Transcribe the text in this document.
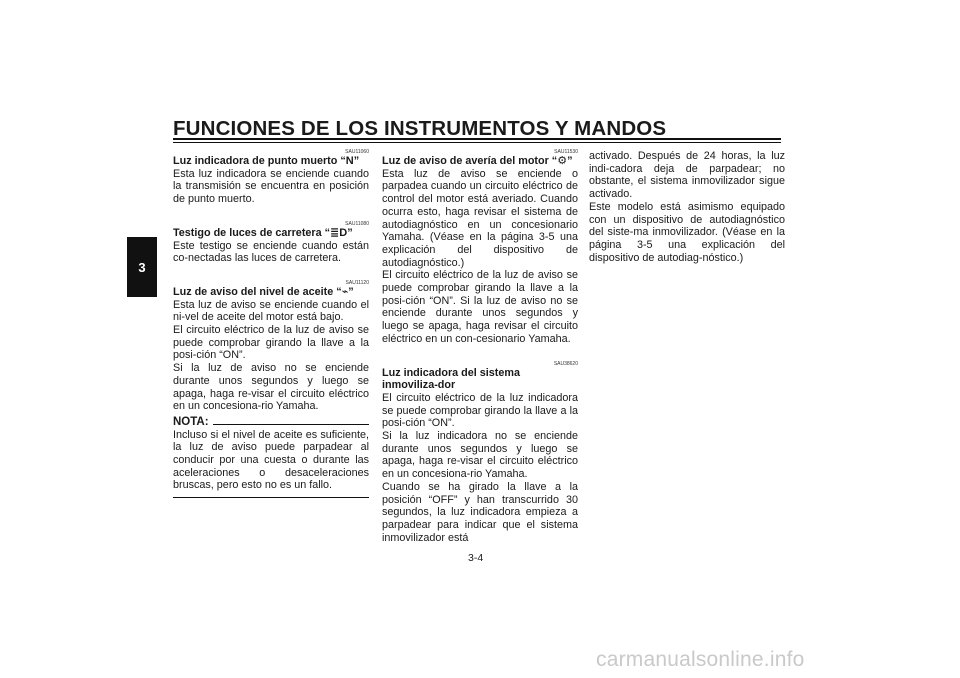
FUNCIONES DE LOS INSTRUMENTOS Y MANDOS
3
SAU11060
Luz indicadora de punto muerto “N”

Esta luz indicadora se enciende cuando la transmisión se encuentra en posición de punto muerto.

SAU11080
Testigo de luces de carretera “≣D”

Este testigo se enciende cuando están co-nectadas las luces de carretera.

SAU11120
Luz de aviso del nivel de aceite “⌁”

Esta luz de aviso se enciende cuando el ni-vel de aceite del motor está bajo.

El circuito eléctrico de la luz de aviso se puede comprobar girando la llave a la posi-ción “ON”.

Si la luz de aviso no se enciende durante unos segundos y luego se apaga, haga re-visar el circuito eléctrico en un concesiona-rio Yamaha.

NOTA:

Incluso si el nivel de aceite es suficiente, la luz de aviso puede parpadear al conducir por una cuesta o durante las aceleraciones o desaceleraciones bruscas, pero esto no es un fallo.

SAU11530
Luz de aviso de avería del motor “⚙”

Esta luz de aviso se enciende o parpadea cuando un circuito eléctrico de control del motor está averiado. Cuando ocurra esto, haga revisar el sistema de autodiagnóstico en un concesionario Yamaha. (Véase en la página 3-5 una explicación del dispositivo de autodiagnóstico.)

El circuito eléctrico de la luz de aviso se puede comprobar girando la llave a la posi-ción “ON”. Si la luz de aviso no se enciende durante unos segundos y luego se apaga, haga revisar el circuito eléctrico en un con-cesionario Yamaha.

SAU38620
Luz indicadora del sistema inmoviliza-dor

El circuito eléctrico de la luz indicadora se puede comprobar girando la llave a la posi-ción “ON”.

Si la luz indicadora no se enciende durante unos segundos y luego se apaga, haga re-visar el circuito eléctrico en un concesiona-rio Yamaha.

Cuando se ha girado la llave a la posición “OFF” y han transcurrido 30 segundos, la luz indicadora empieza a parpadear para indicar que el sistema inmovilizador está

activado. Después de 24 horas, la luz indi-cadora deja de parpadear; no obstante, el sistema inmovilizador sigue activado.

Este modelo está asimismo equipado con un dispositivo de autodiagnóstico del siste-ma inmovilizador. (Véase en la página 3-5 una explicación del dispositivo de autodiag-nóstico.)

3-4
carmanualsonline.info
